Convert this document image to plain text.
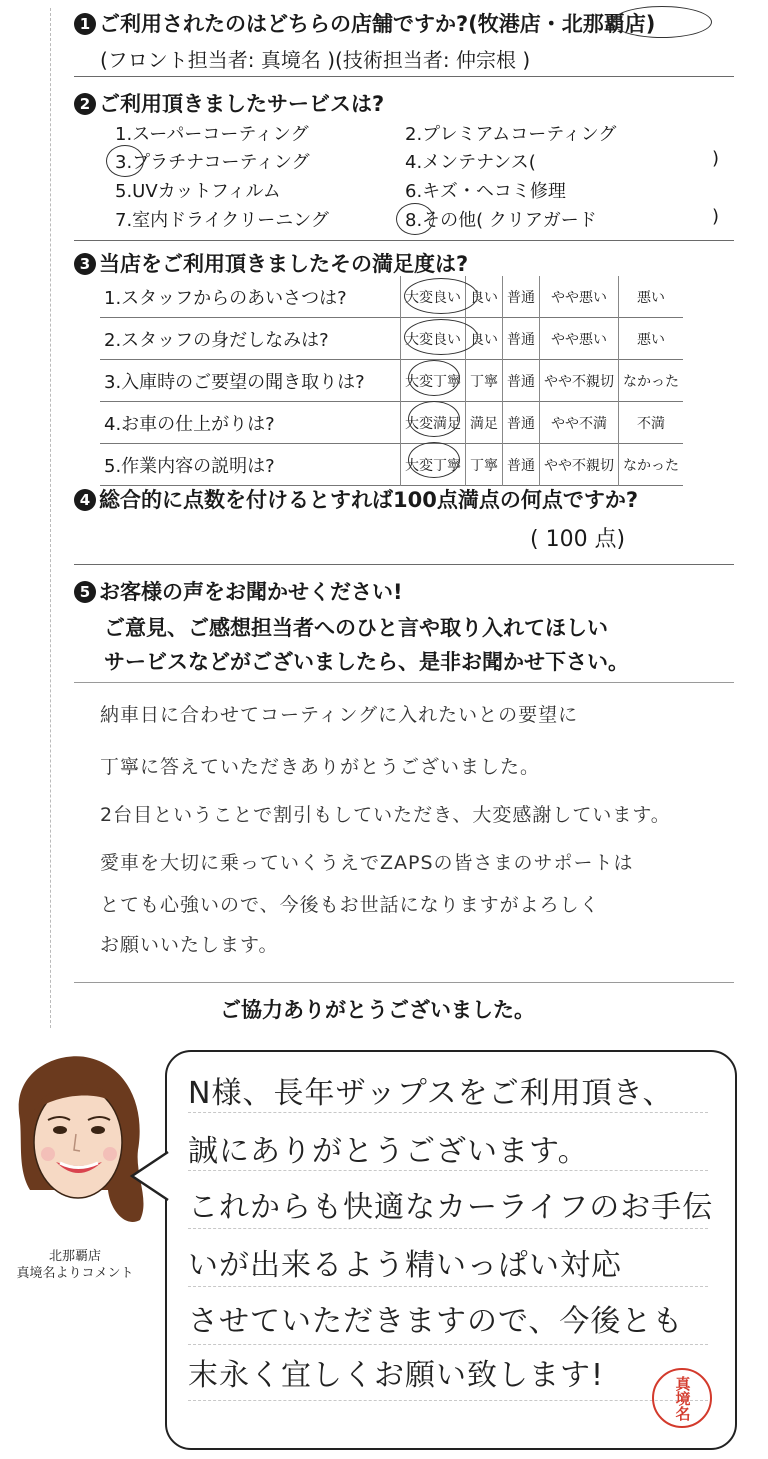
1 ご利用されたのはどちらの店舗ですか?(牧港店・北那覇店)
(フロント担当者: 真境名 )(技術担当者: 仲宗根 )
2 ご利用頂きましたサービスは?
1.スーパーコーティング	2.プレミアムコーティング
3.プラチナコーティング	4.メンテナンス(	)
5.UVカットフィルム	6.キズ・ヘコミ修理
7.室内ドライクリーニング	8.その他( クリアガード	)
3 当店をご利用頂きましたその満足度は?
1.スタッフからのあいさつは?	大変良い	良い	普通	やや悪い	悪い
2.スタッフの身だしなみは?	大変良い	良い	普通	やや悪い	悪い
3.入庫時のご要望の聞き取りは?	大変丁寧	丁寧	普通	やや不親切	なかった
4.お車の仕上がりは?	大変満足	満足	普通	やや不満	不満
5.作業内容の説明は?	大変丁寧	丁寧	普通	やや不親切	なかった
4 総合的に点数を付けるとすれば100点満点の何点ですか?
( 100 点)
5 お客様の声をお聞かせください!
ご意見、ご感想担当者へのひと言や取り入れてほしい
サービスなどがございましたら、是非お聞かせ下さい。
納車日に合わせてコーティングに入れたいとの要望に
丁寧に答えていただきありがとうございました。
2台目ということで割引もしていただき、大変感謝しています。
愛車を大切に乗っていくうえでZAPSの皆さまのサポートは
とても心強いので、今後もお世話になりますがよろしく
お願いいたします。
ご協力ありがとうございました。
北那覇店
真境名よりコメント
N様、長年ザップスをご利用頂き、
誠にありがとうございます。
これからも快適なカーライフのお手伝
いが出来るよう精いっぱい対応
させていただきますので、今後とも
末永く宜しくお願い致します!	真境名
